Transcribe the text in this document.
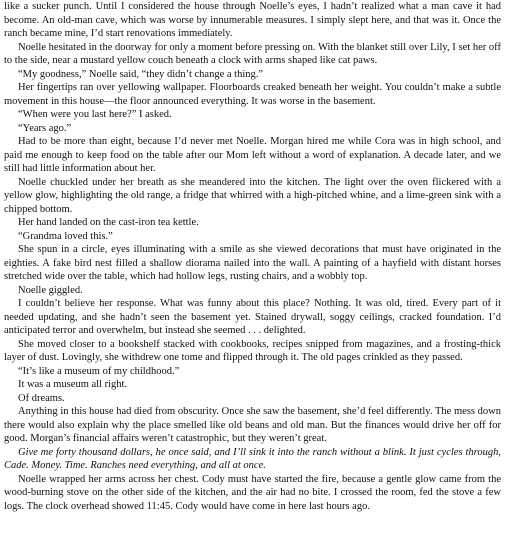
like a sucker punch. Until I considered the house through Noelle’s eyes, I hadn’t realized what a man cave it had become. An old-man cave, which was worse by innumerable measures. I simply slept here, and that was it. Once the ranch became mine, I’d start renovations immediately.

Noelle hesitated in the doorway for only a moment before pressing on. With the blanket still over Lily, I set her off to the side, near a mustard yellow couch beneath a clock with arms shaped like cat paws.

“My goodness,” Noelle said, “they didn’t change a thing.”

Her fingertips ran over yellowing wallpaper. Floorboards creaked beneath her weight. You couldn’t make a subtle movement in this house—the floor announced everything. It was worse in the basement.

“When were you last here?” I asked.

“Years ago.”

Had to be more than eight, because I’d never met Noelle. Morgan hired me while Cora was in high school, and paid me enough to keep food on the table after our Mom left without a word of explanation. A decade later, and we still had little information about her.

Noelle chuckled under her breath as she meandered into the kitchen. The light over the oven flickered with a yellow glow, highlighting the old range, a fridge that whirred with a high-pitched whine, and a lime-green sink with a chipped bottom.

Her hand landed on the cast-iron tea kettle.

“Grandma loved this.”

She spun in a circle, eyes illuminating with a smile as she viewed decorations that must have originated in the eighties. A fake bird nest filled a shallow diorama nailed into the wall. A painting of a hayfield with distant horses stretched wide over the table, which had hollow legs, rusting chairs, and a wobbly top.

Noelle giggled.

I couldn’t believe her response. What was funny about this place? Nothing. It was old, tired. Every part of it needed updating, and she hadn’t seen the basement yet. Stained drywall, soggy ceilings, cracked foundation. I’d anticipated terror and overwhelm, but instead she seemed . . . delighted.

She moved closer to a bookshelf stacked with cookbooks, recipes snipped from magazines, and a frosting-thick layer of dust. Lovingly, she withdrew one tome and flipped through it. The old pages crinkled as they passed.

“It’s like a museum of my childhood.”

It was a museum all right.

Of dreams.

Anything in this house had died from obscurity. Once she saw the basement, she’d feel differently. The mess down there would also explain why the place smelled like old beans and old man. But the finances would drive her off for good. Morgan’s financial affairs weren’t catastrophic, but they weren’t great.

Give me forty thousand dollars, he once said, and I’ll sink it into the ranch without a blink. It just cycles through, Cade. Money. Time. Ranches need everything, and all at once.

Noelle wrapped her arms across her chest. Cody must have started the fire, because a gentle glow came from the wood-burning stove on the other side of the kitchen, and the air had no bite. I crossed the room, fed the stove a few logs. The clock overhead showed 11:45. Cody would have come in here last hours ago.
